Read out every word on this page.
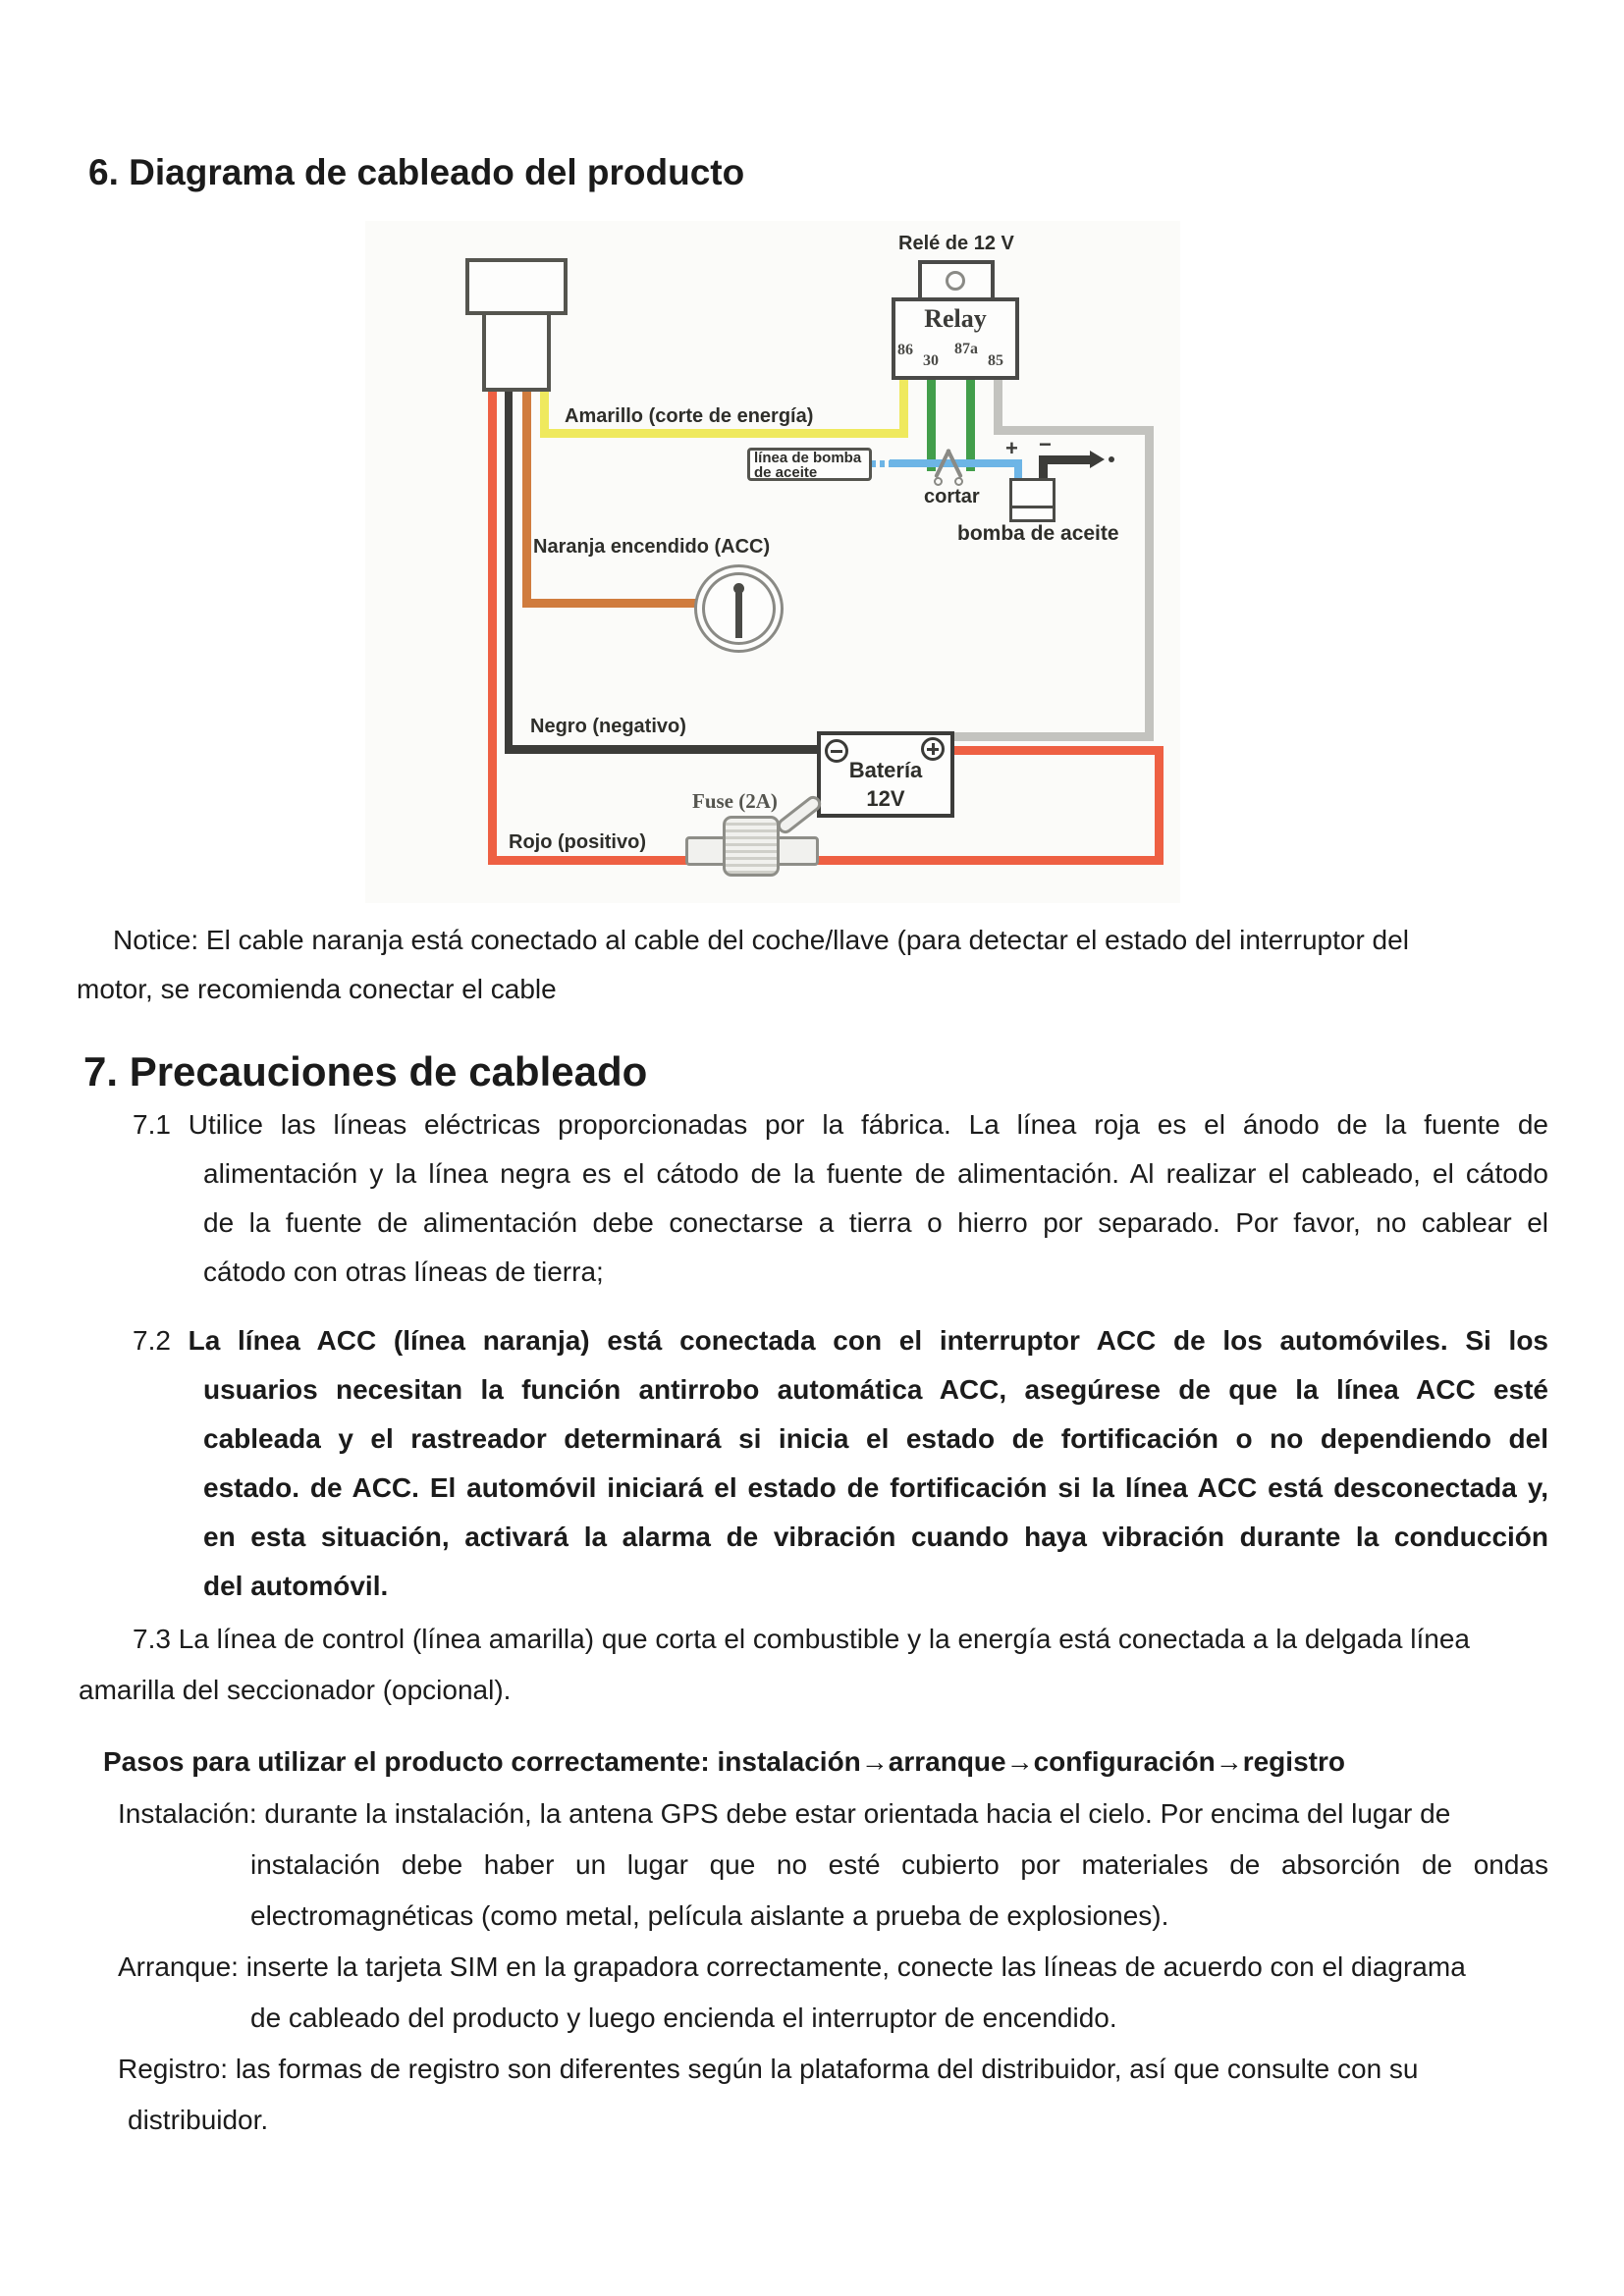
6. Diagrama de cableado del producto
Relé de 12 V
Relay
86
30
87a
85
Amarillo (corte de energía)
Naranja encendido (ACC)
Negro (negativo)
Rojo (positivo)
línea de bomba
de aceite
cortar
+ −
bomba de aceite
Batería
12V
Fuse (2A)
Notice: El cable naranja está conectado al cable del coche/llave (para detectar el estado del interruptor del
motor, se recomienda conectar el cable
7. Precauciones de cableado
7.1 Utilice las líneas eléctricas proporcionadas por la fábrica. La línea roja es el ánodo de la fuente de
alimentación y la línea negra es el cátodo de la fuente de alimentación. Al realizar el cableado, el cátodo
de la fuente de alimentación debe conectarse a tierra o hierro por separado. Por favor, no cablear el
cátodo con otras líneas de tierra;
7.2 La línea ACC (línea naranja) está conectada con el interruptor ACC de los automóviles. Si los
usuarios necesitan la función antirrobo automática ACC, asegúrese de que la línea ACC esté
cableada y el rastreador determinará si inicia el estado de fortificación o no dependiendo del
estado. de ACC. El automóvil iniciará el estado de fortificación si la línea ACC está desconectada y,
en esta situación, activará la alarma de vibración cuando haya vibración durante la conducción
del automóvil.
7.3 La línea de control (línea amarilla) que corta el combustible y la energía está conectada a la delgada línea
amarilla del seccionador (opcional).
Pasos para utilizar el producto correctamente: instalación→arranque→configuración→registro
Instalación: durante la instalación, la antena GPS debe estar orientada hacia el cielo. Por encima del lugar de
instalación debe haber un lugar que no esté cubierto por materiales de absorción de ondas
electromagnéticas (como metal, película aislante a prueba de explosiones).
Arranque: inserte la tarjeta SIM en la grapadora correctamente, conecte las líneas de acuerdo con el diagrama
de cableado del producto y luego encienda el interruptor de encendido.
Registro: las formas de registro son diferentes según la plataforma del distribuidor, así que consulte con su
distribuidor.
